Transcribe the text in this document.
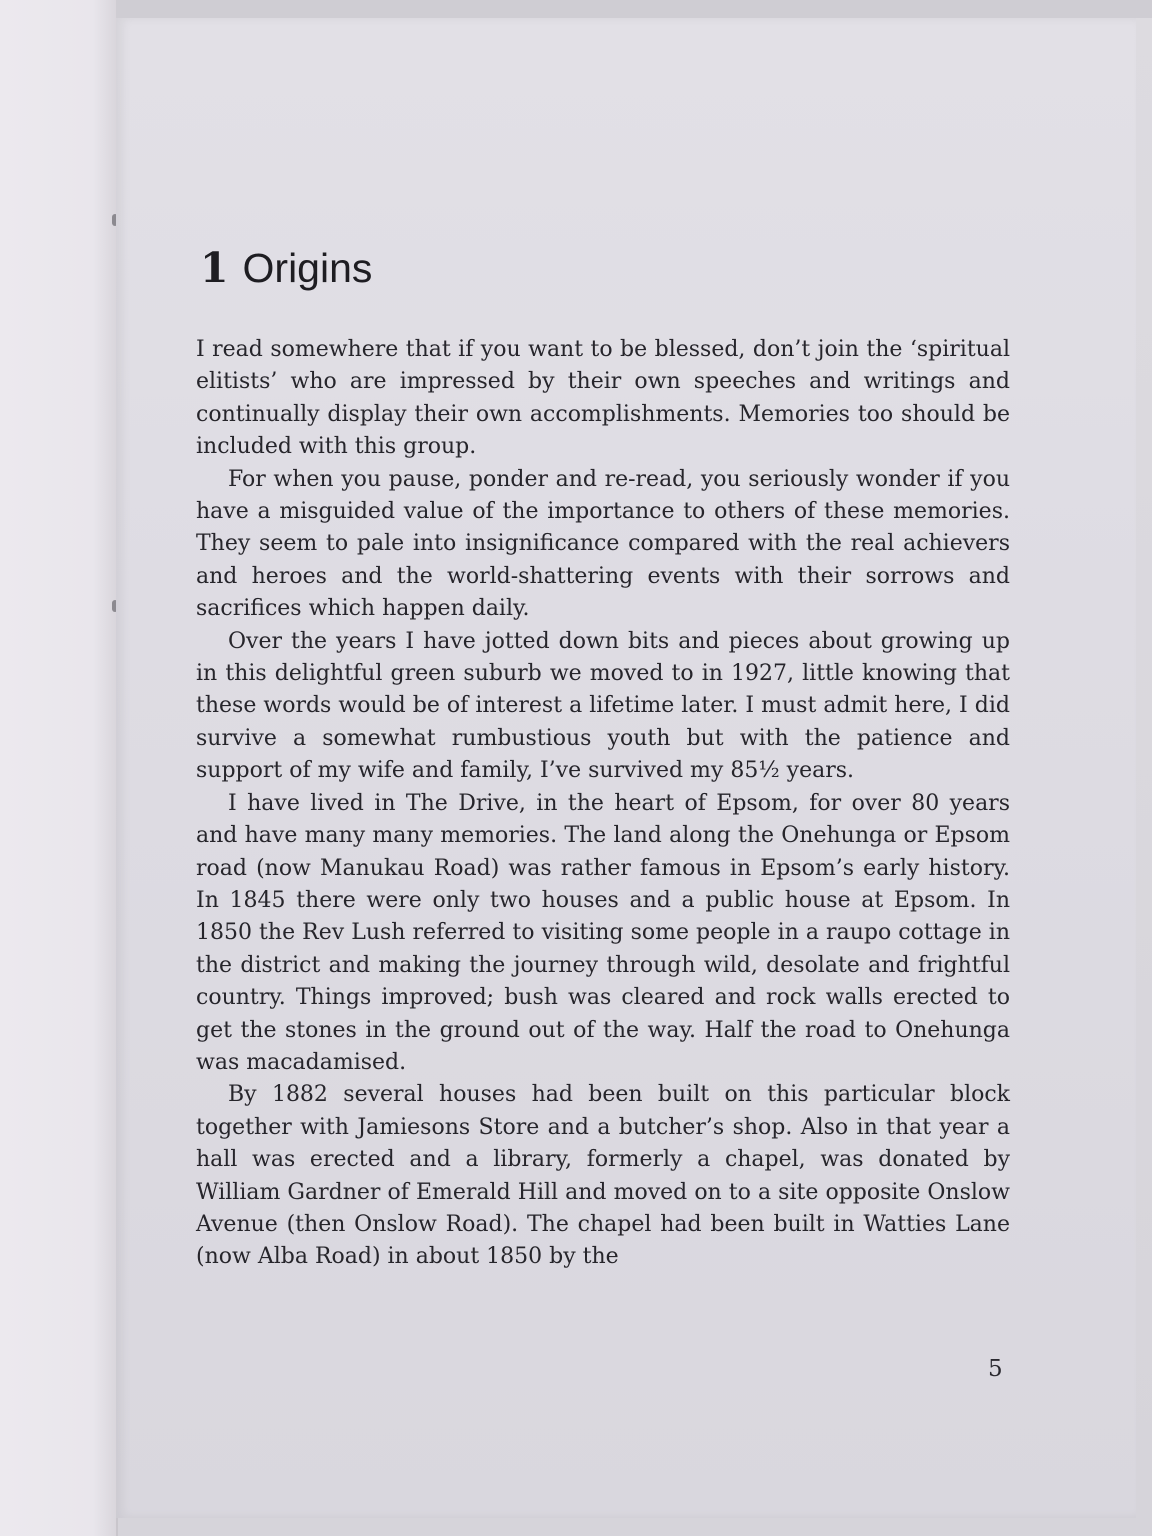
1 Origins

I read somewhere that if you want to be blessed, don’t join the ‘spiritual elitists’ who are impressed by their own speeches and writings and continually display their own accomplishments. Memories too should be included with this group.

For when you pause, ponder and re-read, you seriously wonder if you have a misguided value of the importance to others of these memories. They seem to pale into insignificance compared with the real achievers and heroes and the world-shattering events with their sorrows and sacrifices which happen daily.

Over the years I have jotted down bits and pieces about growing up in this delightful green suburb we moved to in 1927, little knowing that these words would be of interest a lifetime later. I must admit here, I did survive a somewhat rumbustious youth but with the patience and support of my wife and family, I’ve survived my 85½ years.

I have lived in The Drive, in the heart of Epsom, for over 80 years and have many many memories. The land along the Onehunga or Epsom road (now Manukau Road) was rather famous in Epsom’s early history. In 1845 there were only two houses and a public house at Epsom. In 1850 the Rev Lush referred to visiting some people in a raupo cottage in the district and making the journey through wild, desolate and frightful country. Things improved; bush was cleared and rock walls erected to get the stones in the ground out of the way. Half the road to Onehunga was macadamised.

By 1882 several houses had been built on this particular block together with Jamiesons Store and a butcher’s shop. Also in that year a hall was erected and a library, formerly a chapel, was donated by William Gardner of Emerald Hill and moved on to a site opposite Onslow Avenue (then Onslow Road). The chapel had been built in Watties Lane (now Alba Road) in about 1850 by the

5
